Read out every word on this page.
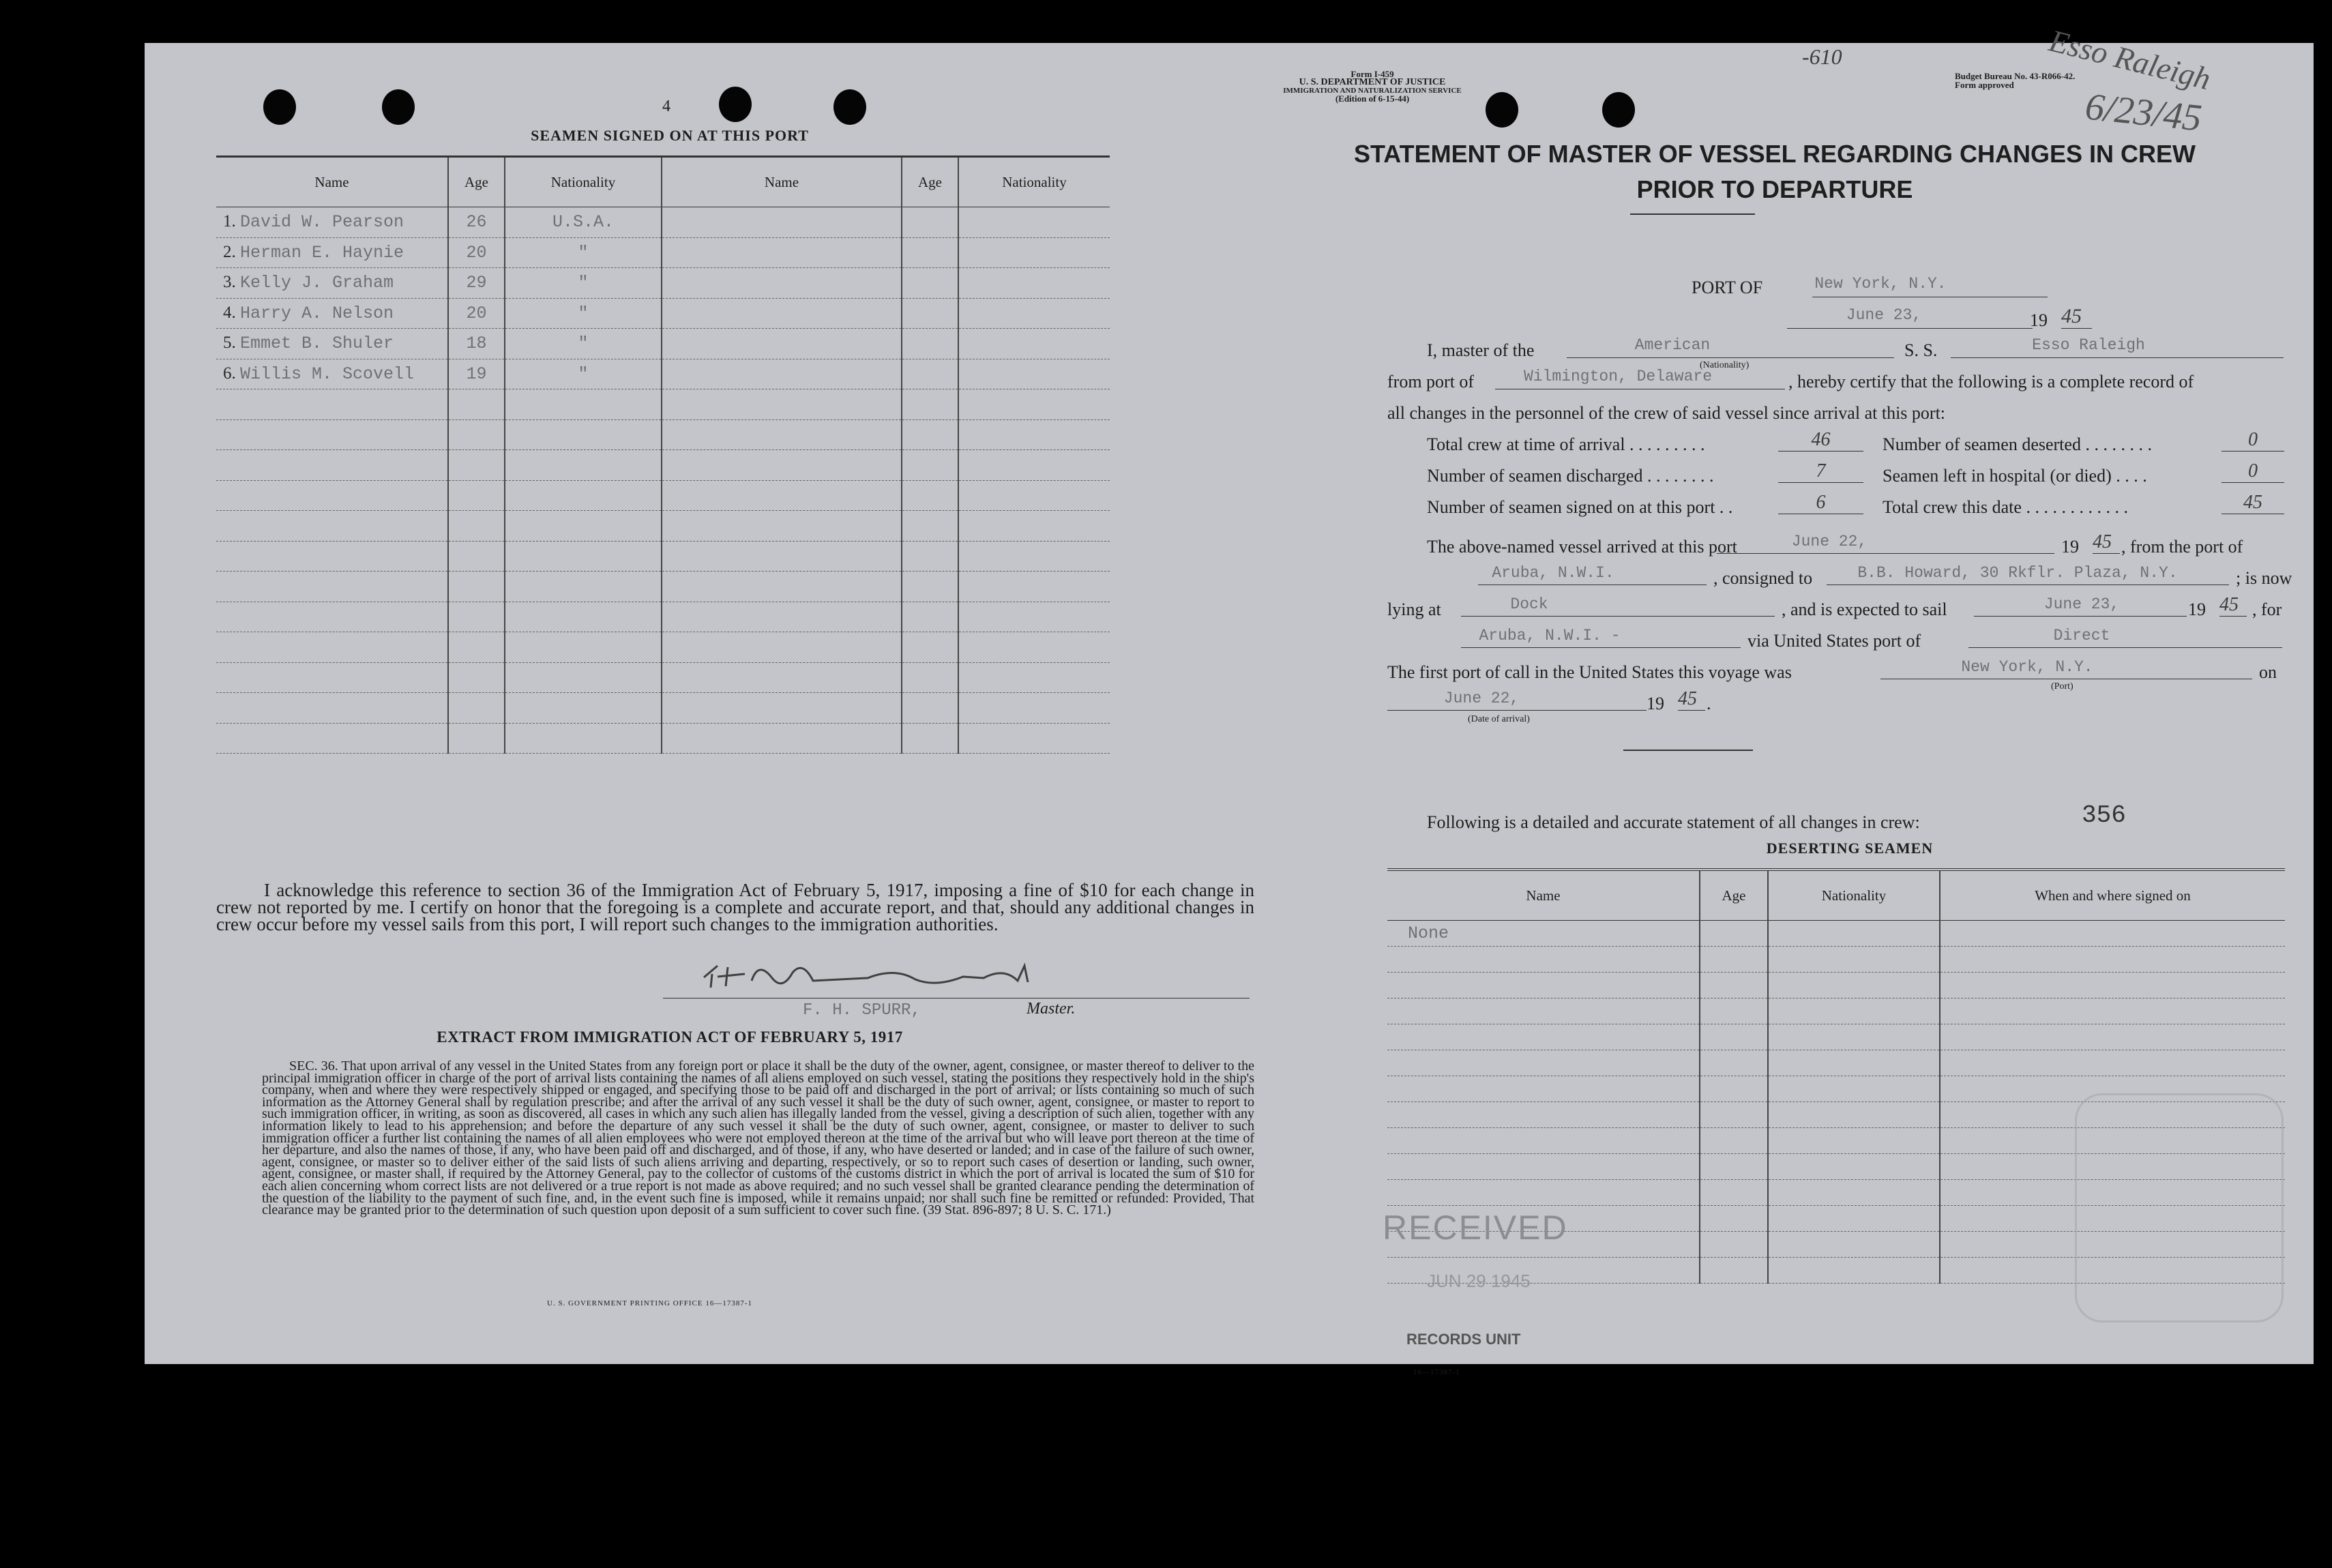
4
SEAMEN SIGNED ON AT THIS PORT
Name	Age	Nationality	Name	Age	Nationality
1. David W. Pearson	26	U.S.A.			
2. Herman E. Haynie	20	"			
3. Kelly J. Graham	29	"			
4. Harry A. Nelson	20	"			
5. Emmet B. Shuler	18	"			
6. Willis M. Scovell	19	"			

I acknowledge this reference to section 36 of the Immigration Act of February 5, 1917, imposing a fine of $10 for each change in crew not reported by me. I certify on honor that the foregoing is a complete and accurate report, and that, should any additional changes in crew occur before my vessel sails from this port, I will report such changes to the immigration authorities.
F. H. SPURR,	Master.
EXTRACT FROM IMMIGRATION ACT OF FEBRUARY 5, 1917
SEC. 36. That upon arrival of any vessel in the United States from any foreign port or place it shall be the duty of the owner, agent, consignee, or master thereof to deliver to the principal immigration officer in charge of the port of arrival lists containing the names of all aliens employed on such vessel, stating the positions they respectively hold in the ship's company, when and where they were respectively shipped or engaged, and specifying those to be paid off and discharged in the port of arrival; or lists containing so much of such information as the Attorney General shall by regulation prescribe; and after the arrival of any such vessel it shall be the duty of such owner, agent, consignee, or master to report to such immigration officer, in writing, as soon as discovered, all cases in which any such alien has illegally landed from the vessel, giving a description of such alien, together with any information likely to lead to his apprehension; and before the departure of any such vessel it shall be the duty of such owner, agent, consignee, or master to deliver to such immigration officer a further list containing the names of all alien employees who were not employed thereon at the time of the arrival but who will leave port thereon at the time of her departure, and also the names of those, if any, who have been paid off and discharged, and of those, if any, who have deserted or landed; and in case of the failure of such owner, agent, consignee, or master so to deliver either of the said lists of such aliens arriving and departing, respectively, or so to report such cases of desertion or landing, such owner, agent, consignee, or master shall, if required by the Attorney General, pay to the collector of customs of the customs district in which the port of arrival is located the sum of $10 for each alien concerning whom correct lists are not delivered or a true report is not made as above required; and no such vessel shall be granted clearance pending the determination of the question of the liability to the payment of such fine, and, in the event such fine is imposed, while it remains unpaid; nor shall such fine be remitted or refunded: Provided, That clearance may be granted prior to the determination of such question upon deposit of a sum sufficient to cover such fine. (39 Stat. 896-897; 8 U. S. C. 171.)
U. S. GOVERNMENT PRINTING OFFICE 16—17387-1
Form I-459
U. S. DEPARTMENT OF JUSTICE
IMMIGRATION AND NATURALIZATION SERVICE
(Edition of 6-15-44)
Budget Bureau No. 43-R066-42.
Form approved
-610	Esso Raleigh
6/23/45
STATEMENT OF MASTER OF VESSEL REGARDING CHANGES IN CREW
PRIOR TO DEPARTURE
PORT OF	New York, N.Y.
June 23,	19 45
I, master of the	American
(Nationality)
S. S.	Esso Raleigh
from port of	Wilmington, Delaware	, hereby certify that the following is a complete record of
all changes in the personnel of the crew of said vessel since arrival at this port:
Total crew at time of arrival . . . . . . . . .	46	Number of seamen deserted . . . . . . . .	0
Number of seamen discharged . . . . . . . .	7	Seamen left in hospital (or died) . . . .	0
Number of seamen signed on at this port . .	6	Total crew this date . . . . . . . . . . . .	45
The above-named vessel arrived at this port	June 22,	19 45 , from the port of
Aruba, N.W.I.	, consigned to	B.B. Howard, 30 Rkflr. Plaza, N.Y.	; is now
lying at	Dock	, and is expected to sail	June 23,	19 45 , for
Aruba, N.W.I. -	via United States port of	Direct
The first port of call in the United States this voyage was	New York, N.Y.
(Port)
on
June 22,	19 45 .
(Date of arrival)
Following is a detailed and accurate statement of all changes in crew:	356
DESERTING SEAMEN
Name	Age	Nationality	When and where signed on
None			

RECEIVED
JUN 29 1945
RECORDS UNIT
16—17387-1
